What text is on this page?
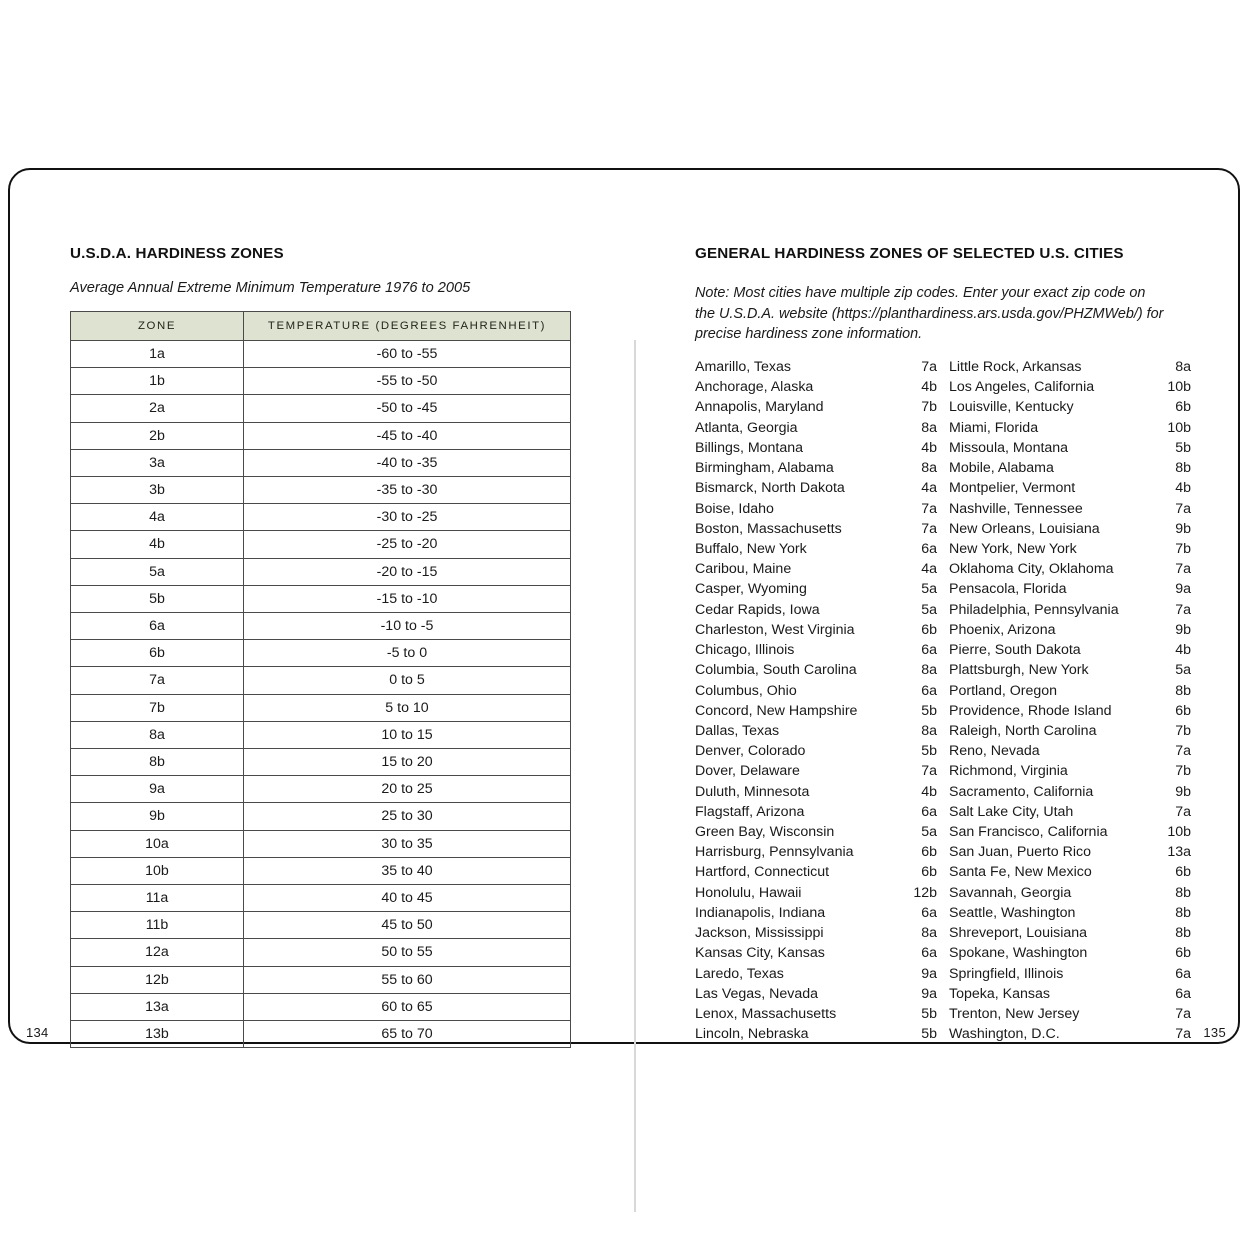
U.S.D.A. HARDINESS ZONES
Average Annual Extreme Minimum Temperature 1976 to 2005
ZONE	TEMPERATURE (DEGREES FAHRENHEIT)
1a	-60 to -55
1b	-55 to -50
2a	-50 to -45
2b	-45 to -40
3a	-40 to -35
3b	-35 to -30
4a	-30 to -25
4b	-25 to -20
5a	-20 to -15
5b	-15 to -10
6a	-10 to -5
6b	-5 to 0
7a	0 to 5
7b	5 to 10
8a	10 to 15
8b	15 to 20
9a	20 to 25
9b	25 to 30
10a	30 to 35
10b	35 to 40
11a	40 to 45
11b	45 to 50
12a	50 to 55
12b	55 to 60
13a	60 to 65
13b	65 to 70
134
GENERAL HARDINESS ZONES OF SELECTED U.S. CITIES
Note: Most cities have multiple zip codes. Enter your exact zip code on the U.S.D.A. website (https://planthardiness.ars.usda.gov/PHZMWeb/) for precise hardiness zone information.
Amarillo, Texas	7a
Anchorage, Alaska	4b
Annapolis, Maryland	7b
Atlanta, Georgia	8a
Billings, Montana	4b
Birmingham, Alabama	8a
Bismarck, North Dakota	4a
Boise, Idaho	7a
Boston, Massachusetts	7a
Buffalo, New York	6a
Caribou, Maine	4a
Casper, Wyoming	5a
Cedar Rapids, Iowa	5a
Charleston, West Virginia	6b
Chicago, Illinois	6a
Columbia, South Carolina	8a
Columbus, Ohio	6a
Concord, New Hampshire	5b
Dallas, Texas	8a
Denver, Colorado	5b
Dover, Delaware	7a
Duluth, Minnesota	4b
Flagstaff, Arizona	6a
Green Bay, Wisconsin	5a
Harrisburg, Pennsylvania	6b
Hartford, Connecticut	6b
Honolulu, Hawaii	12b
Indianapolis, Indiana	6a
Jackson, Mississippi	8a
Kansas City, Kansas	6a
Laredo, Texas	9a
Las Vegas, Nevada	9a
Lenox, Massachusetts	5b
Lincoln, Nebraska	5b
Little Rock, Arkansas	8a
Los Angeles, California	10b
Louisville, Kentucky	6b
Miami, Florida	10b
Missoula, Montana	5b
Mobile, Alabama	8b
Montpelier, Vermont	4b
Nashville, Tennessee	7a
New Orleans, Louisiana	9b
New York, New York	7b
Oklahoma City, Oklahoma	7a
Pensacola, Florida	9a
Philadelphia, Pennsylvania	7a
Phoenix, Arizona	9b
Pierre, South Dakota	4b
Plattsburgh, New York	5a
Portland, Oregon	8b
Providence, Rhode Island	6b
Raleigh, North Carolina	7b
Reno, Nevada	7a
Richmond, Virginia	7b
Sacramento, California	9b
Salt Lake City, Utah	7a
San Francisco, California	10b
San Juan, Puerto Rico	13a
Santa Fe, New Mexico	6b
Savannah, Georgia	8b
Seattle, Washington	8b
Shreveport, Louisiana	8b
Spokane, Washington	6b
Springfield, Illinois	6a
Topeka, Kansas	6a
Trenton, New Jersey	7a
Washington, D.C.	7a 135
